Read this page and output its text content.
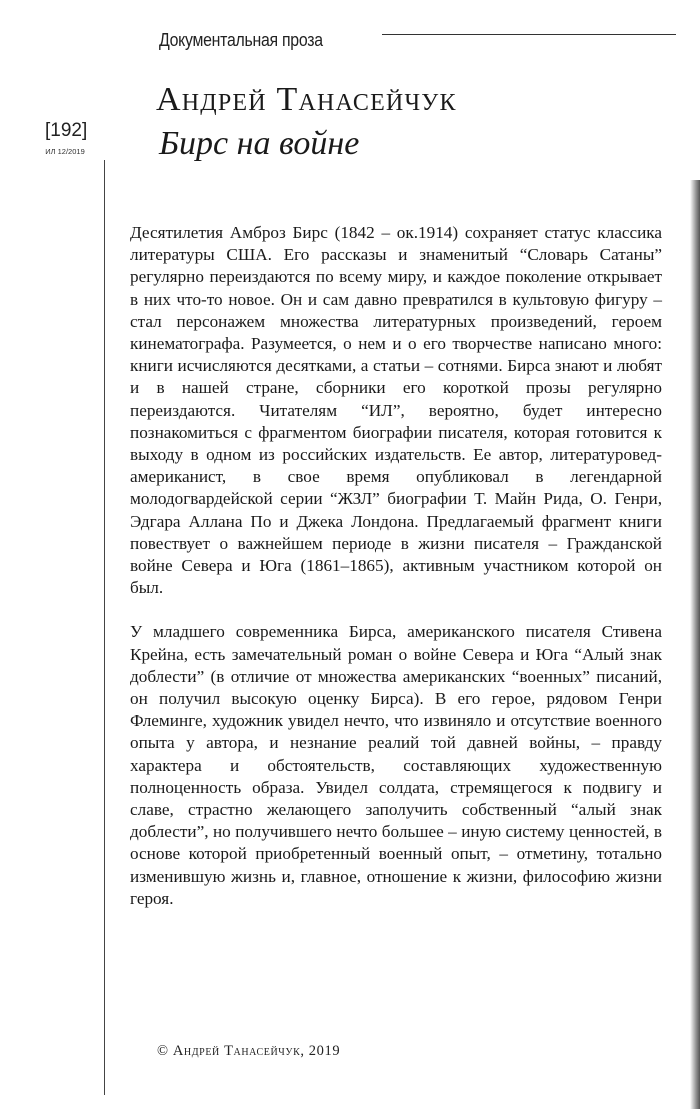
Документальная проза
[192]
ИЛ 12/2019
Андрей Танасейчук
Бирс на войне

Десятилетия Амброз Бирс (1842 – ок.1914) сохраняет статус классика литературы США. Его рассказы и знаменитый “Словарь Сатаны” регулярно переиздаются по всему миру, и каждое поколение открывает в них что-то новое. Он и сам давно превратился в культовую фигуру – стал персонажем множества литературных произведений, героем кинематографа. Разумеется, о нем и о его творчестве написано много: книги исчисляются десятками, а статьи – сотнями. Бирса знают и любят и в нашей стране, сборники его короткой прозы регулярно переиздаются. Читателям “ИЛ”, вероятно, будет интересно познакомиться с фрагментом биографии писателя, которая готовится к выходу в одном из российских издательств. Ее автор, литературовед-американист, в свое время опубликовал в легендарной молодогвардейской серии “ЖЗЛ” биографии Т. Майн Рида, О. Генри, Эдгара Аллана По и Джека Лондона. Предлагаемый фрагмент книги повествует о важнейшем периоде в жизни писателя – Гражданской войне Севера и Юга (1861–1865), активным участником которой он был.

У младшего современника Бирса, американского писателя Стивена Крейна, есть замечательный роман о войне Севера и Юга “Алый знак доблести” (в отличие от множества американских “военных” писаний, он получил высокую оценку Бирса). В его герое, рядовом Генри Флеминге, художник увидел нечто, что извиняло и отсутствие военного опыта у автора, и незнание реалий той давней войны, – правду характера и обстоятельств, составляющих художественную полноценность образа. Увидел солдата, стремящегося к подвигу и славе, страстно желающего заполучить собственный “алый знак доблести”, но получившего нечто большее – иную систему ценностей, в основе которой приобретенный военный опыт, – отметину, тотально изменившую жизнь и, главное, отношение к жизни, философию жизни героя.

© Андрей Танасейчук, 2019
